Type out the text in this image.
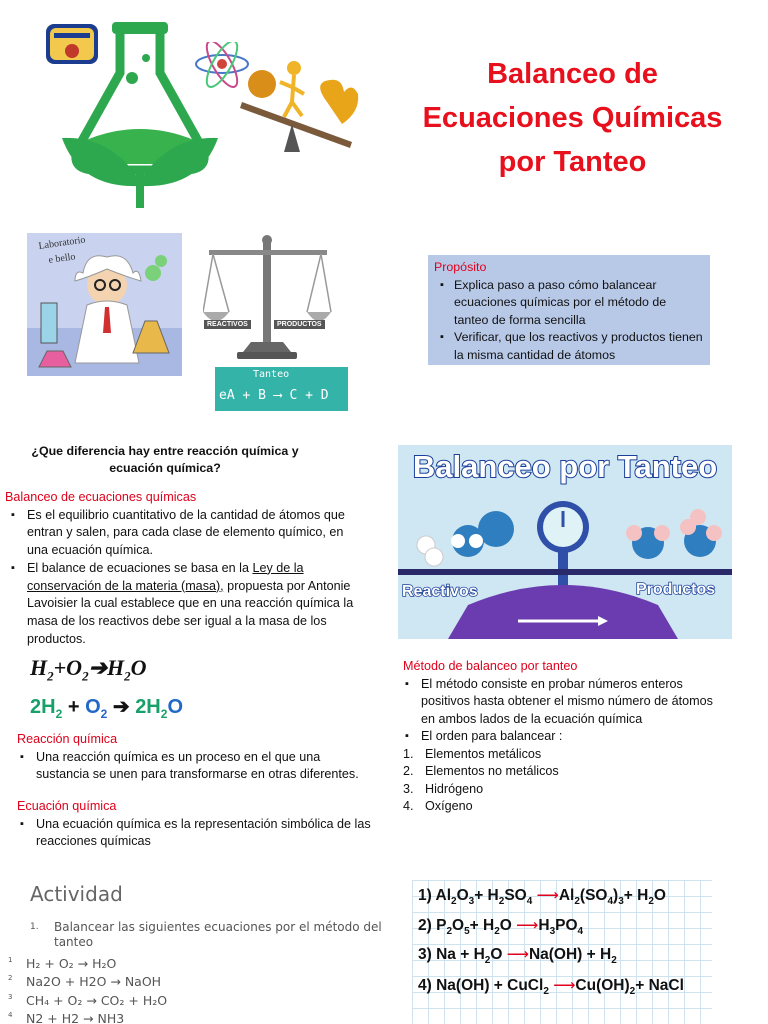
Balanceo de
Ecuaciones Químicas
por Tanteo
Laboratorio
e bello
REACTIVOS	PRODUCTOS
Tanteo
eA + B ⟶ C + D
Propósito
▪ Explica paso a paso cómo balancear ecuaciones químicas por el método de tanteo de forma sencilla
▪ Verificar, que los reactivos y productos tienen la misma cantidad de átomos
¿Que diferencia hay entre reacción química y
ecuación química?
Balanceo de ecuaciones químicas
▪ Es el equilibrio cuantitativo de la cantidad de átomos que entran y salen, para cada clase de elemento químico, en una ecuación química.
▪ El balance de ecuaciones se basa en la Ley de la conservación de la materia (masa), propuesta por Antonie Lavoisier la cual establece que en una reacción química la masa de los reactivos debe ser igual a la masa de los productos.
$H_2+O_2➔H_2O$
$2H_2 + O_2$ ➔ $2H_2O$
Reacción química
▪ Una reacción química es un proceso en el que una sustancia se unen para transformarse en otras diferentes.
Ecuación química
▪ Una ecuación química es la representación simbólica de las reacciones químicas
Balanceo por Tanteo
Reactivos	Productos
Método de balanceo por tanteo
▪ El método consiste en probar números enteros positivos hasta obtener el mismo número de átomos en ambos lados de la ecuación química
▪ El orden para balancear :
1. Elementos metálicos
2. Elementos no metálicos
3. Hidrógeno
4. Oxígeno
Actividad
1.	Balancear las siguientes ecuaciones por el método del tanteo
1 H₂ + O₂ → H₂O
2 Na2O + H2O → NaOH
3 CH₄ + O₂ → CO₂ + H₂O
4 N2 + H2 → NH3
1) $Al_2O_3+ H_2SO_4$ $⟶Al_2(SO_4)_3+ H_2O$
2) $P_2O_5+ H_2O$ $⟶H_3PO_4$
3) $Na + H_2O$ ⟶Na(OH) + $H_2$
4) Na(OH) + CuCl$_2$ $⟶Cu(OH)_2+$ NaCl
